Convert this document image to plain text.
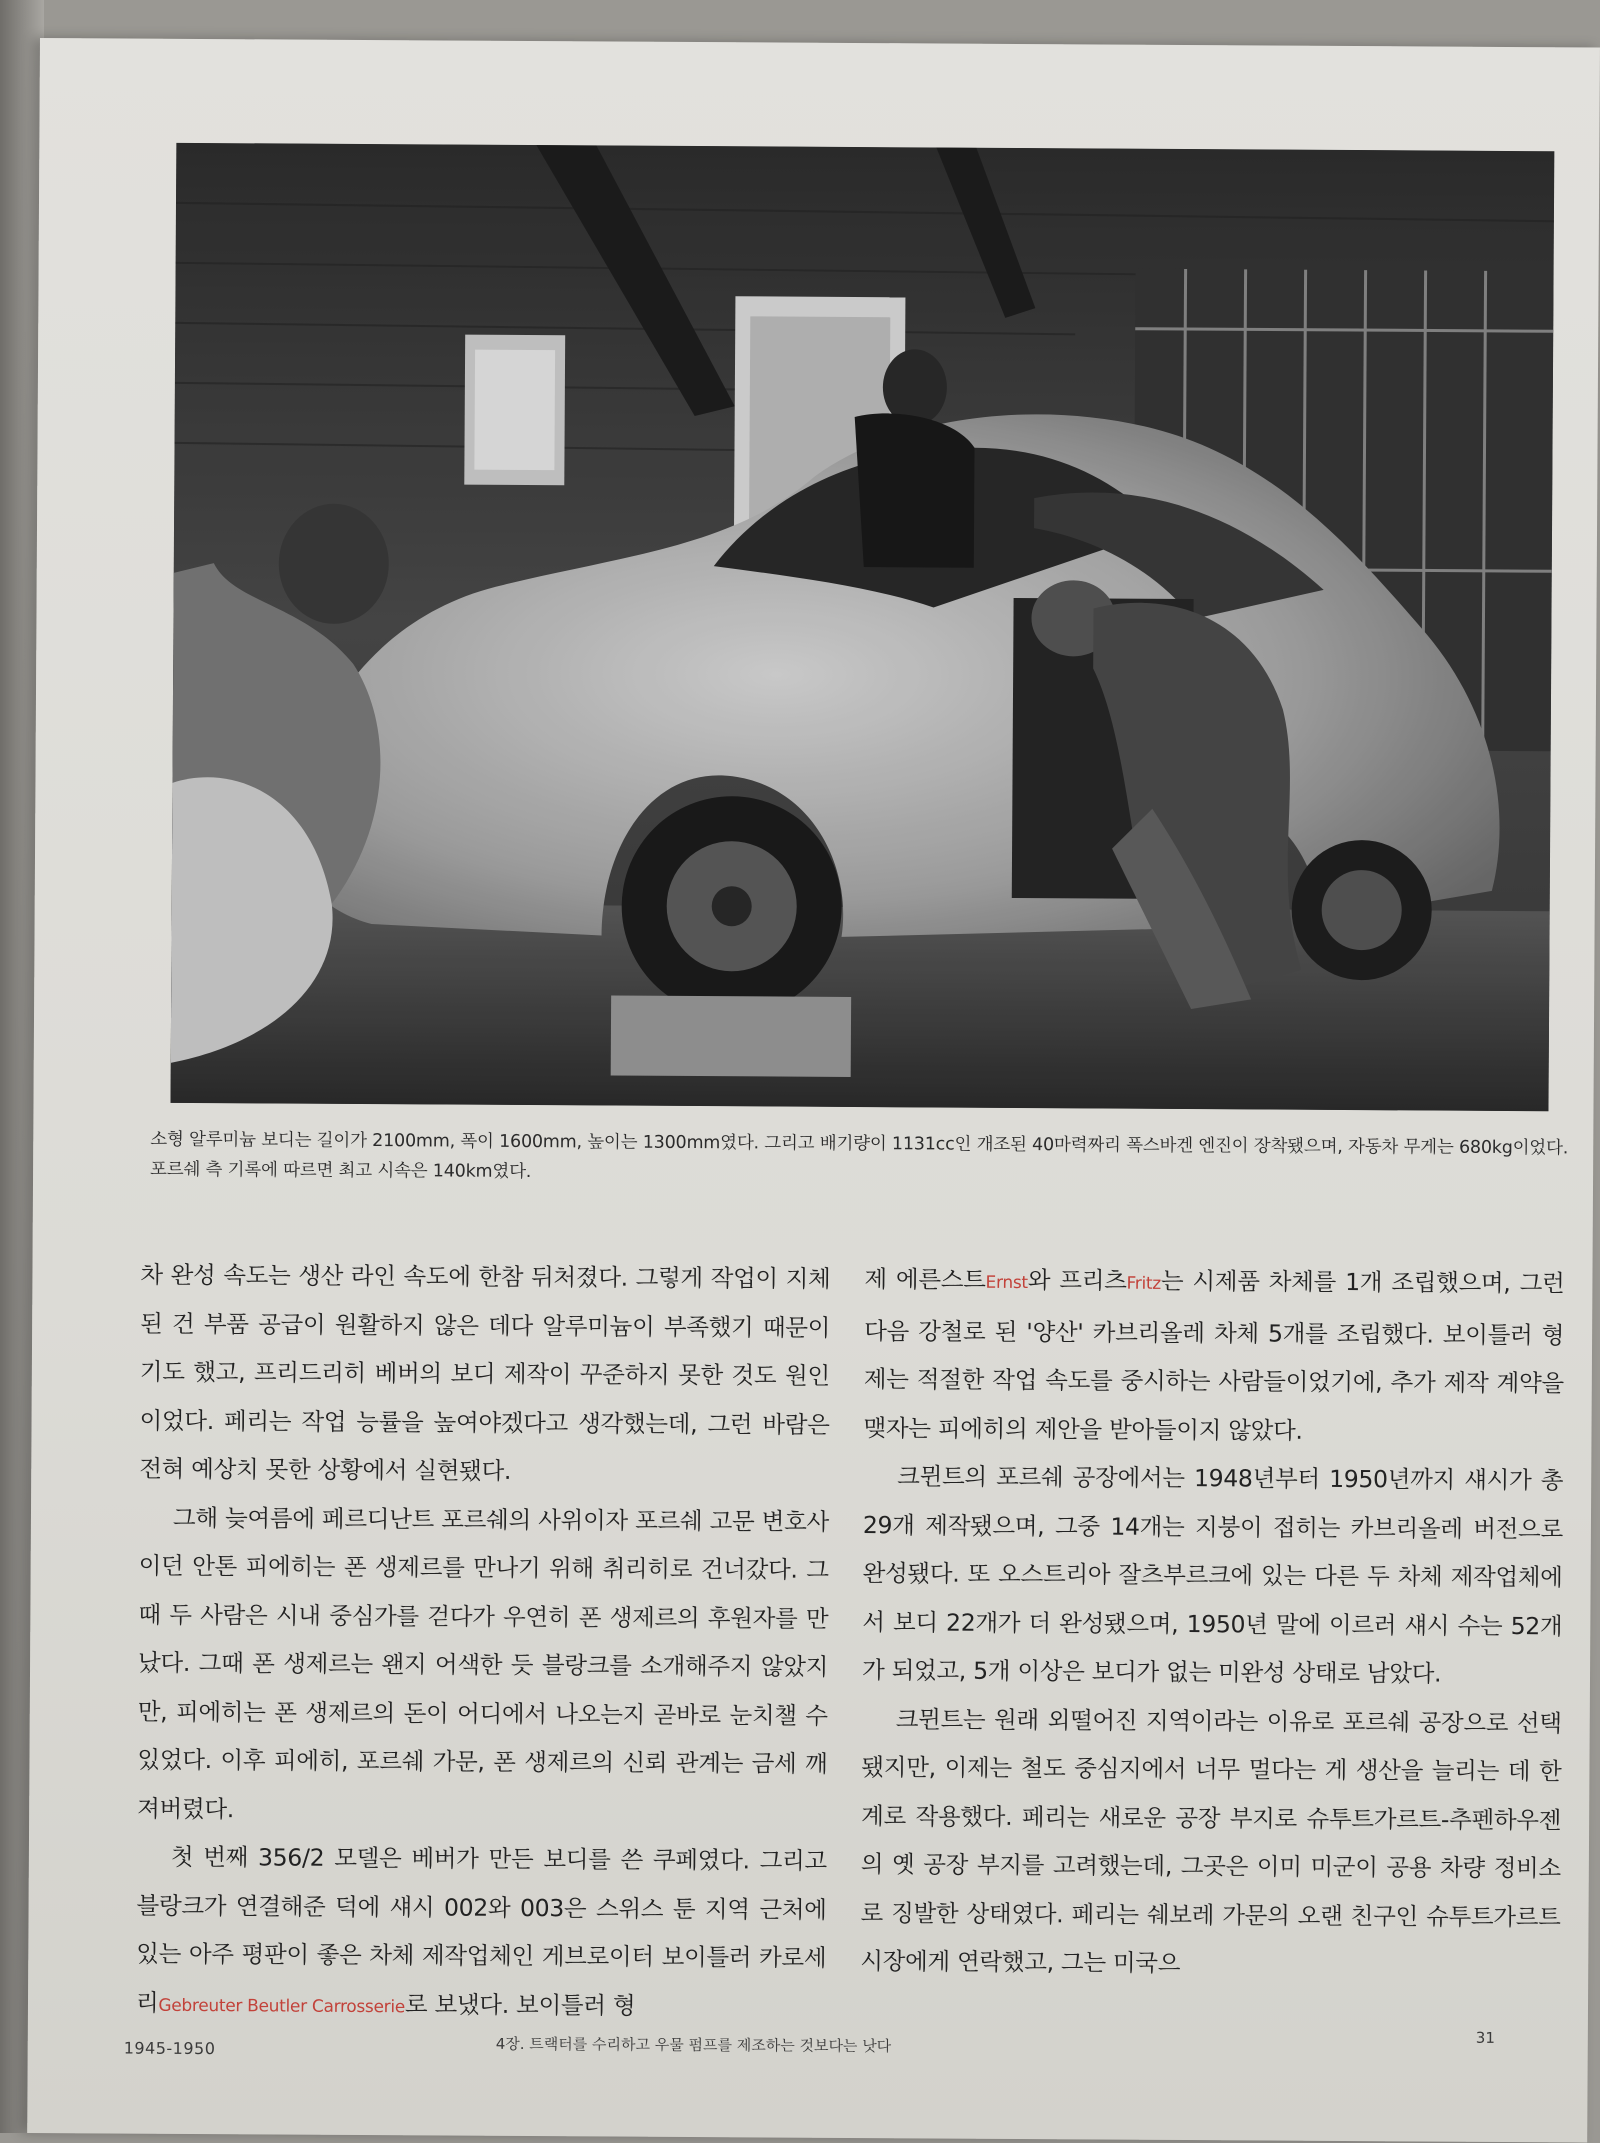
소형 알루미늄 보디는 길이가 2100mm, 폭이 1600mm, 높이는 1300mm였다. 그리고 배기량이 1131cc인 개조된 40마력짜리 폭스바겐 엔진이 장착됐으며, 자동차 무게는 680kg이었다. 포르쉐 측 기록에 따르면 최고 시속은 140km였다.

차 완성 속도는 생산 라인 속도에 한참 뒤처졌다. 그렇게 작업이 지체된 건 부품 공급이 원활하지 않은 데다 알루미늄이 부족했기 때문이기도 했고, 프리드리히 베버의 보디 제작이 꾸준하지 못한 것도 원인이었다. 페리는 작업 능률을 높여야겠다고 생각했는데, 그런 바람은 전혀 예상치 못한 상황에서 실현됐다.

그해 늦여름에 페르디난트 포르쉐의 사위이자 포르쉐 고문 변호사이던 안톤 피에히는 폰 생제르를 만나기 위해 취리히로 건너갔다. 그때 두 사람은 시내 중심가를 걷다가 우연히 폰 생제르의 후원자를 만났다. 그때 폰 생제르는 왠지 어색한 듯 블랑크를 소개해주지 않았지만, 피에히는 폰 생제르의 돈이 어디에서 나오는지 곧바로 눈치챌 수 있었다. 이후 피에히, 포르쉐 가문, 폰 생제르의 신뢰 관계는 금세 깨져버렸다.

첫 번째 356/2 모델은 베버가 만든 보디를 쓴 쿠페였다. 그리고 블랑크가 연결해준 덕에 섀시 002와 003은 스위스 툰 지역 근처에 있는 아주 평판이 좋은 차체 제작업체인 게브로이터 보이틀러 카로세리Gebreuter Beutler Carrosserie로 보냈다. 보이틀러 형

제 에른스트Ernst와 프리츠Fritz는 시제품 차체를 1개 조립했으며, 그런 다음 강철로 된 '양산' 카브리올레 차체 5개를 조립했다. 보이틀러 형제는 적절한 작업 속도를 중시하는 사람들이었기에, 추가 제작 계약을 맺자는 피에히의 제안을 받아들이지 않았다.

크뮌트의 포르쉐 공장에서는 1948년부터 1950년까지 섀시가 총 29개 제작됐으며, 그중 14개는 지붕이 접히는 카브리올레 버전으로 완성됐다. 또 오스트리아 잘츠부르크에 있는 다른 두 차체 제작업체에서 보디 22개가 더 완성됐으며, 1950년 말에 이르러 섀시 수는 52개가 되었고, 5개 이상은 보디가 없는 미완성 상태로 남았다.

크뮌트는 원래 외떨어진 지역이라는 이유로 포르쉐 공장으로 선택됐지만, 이제는 철도 중심지에서 너무 멀다는 게 생산을 늘리는 데 한계로 작용했다. 페리는 새로운 공장 부지로 슈투트가르트-추펜하우젠의 옛 공장 부지를 고려했는데, 그곳은 이미 미군이 공용 차량 정비소로 징발한 상태였다. 페리는 쉐보레 가문의 오랜 친구인 슈투트가르트 시장에게 연락했고, 그는 미국으

1945-1950	4장. 트랙터를 수리하고 우물 펌프를 제조하는 것보다는 낫다	31
